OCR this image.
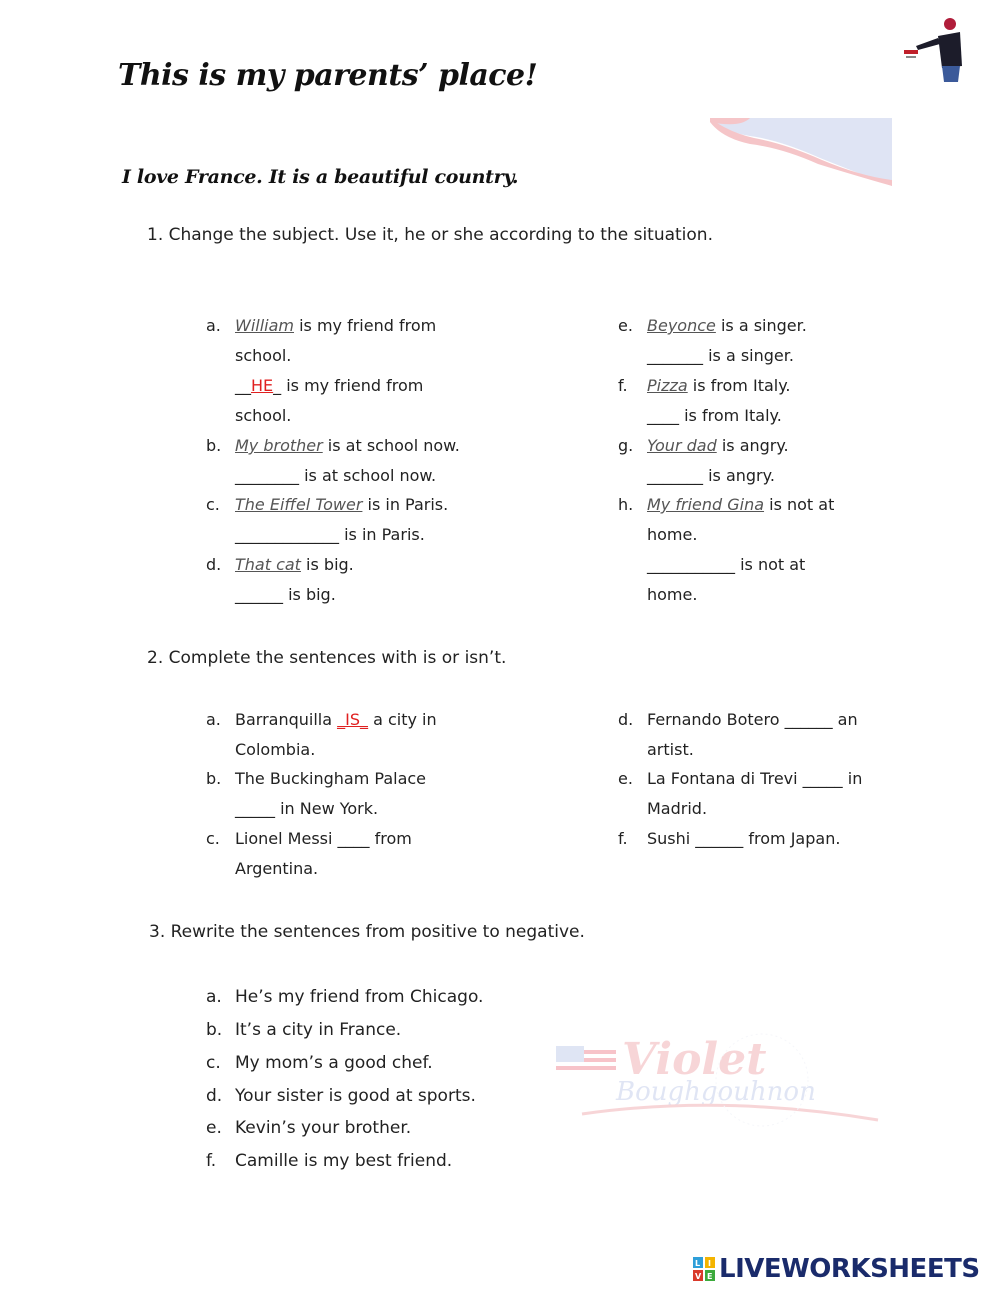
This is my parents’ place!
I love France. It is a beautiful country.
1. Change the subject. Use it, he or she according to the situation.
a. William is my friend from
school.
__HE_ is my friend from
school.
b. My brother is at school now.
________ is at school now.
c. The Eiffel Tower is in Paris.
_____________ is in Paris.
d. That cat is big.
______ is big.
e. Beyonce is a singer.
_______ is a singer.
f. Pizza is from Italy.
____ is from Italy.
g. Your dad is angry.
_______ is angry.
h. My friend Gina is not at
home.
___________ is not at
home.
2. Complete the sentences with is or isn’t.
a. Barranquilla _IS_ a city in
Colombia.
b. The Buckingham Palace
_____ in New York.
c. Lionel Messi ____ from
Argentina.
d. Fernando Botero ______ an
artist.
e. La Fontana di Trevi _____ in
Madrid.
f. Sushi ______ from Japan.
3. Rewrite the sentences from positive to negative.
a. He’s my friend from Chicago.
b. It’s a city in France.
c. My mom’s a good chef.
d. Your sister is good at sports.
e. Kevin’s your brother.
f. Camille is my best friend.
Violet
Boughgouhnon
L I
V E LIVEWORKSHEETS
